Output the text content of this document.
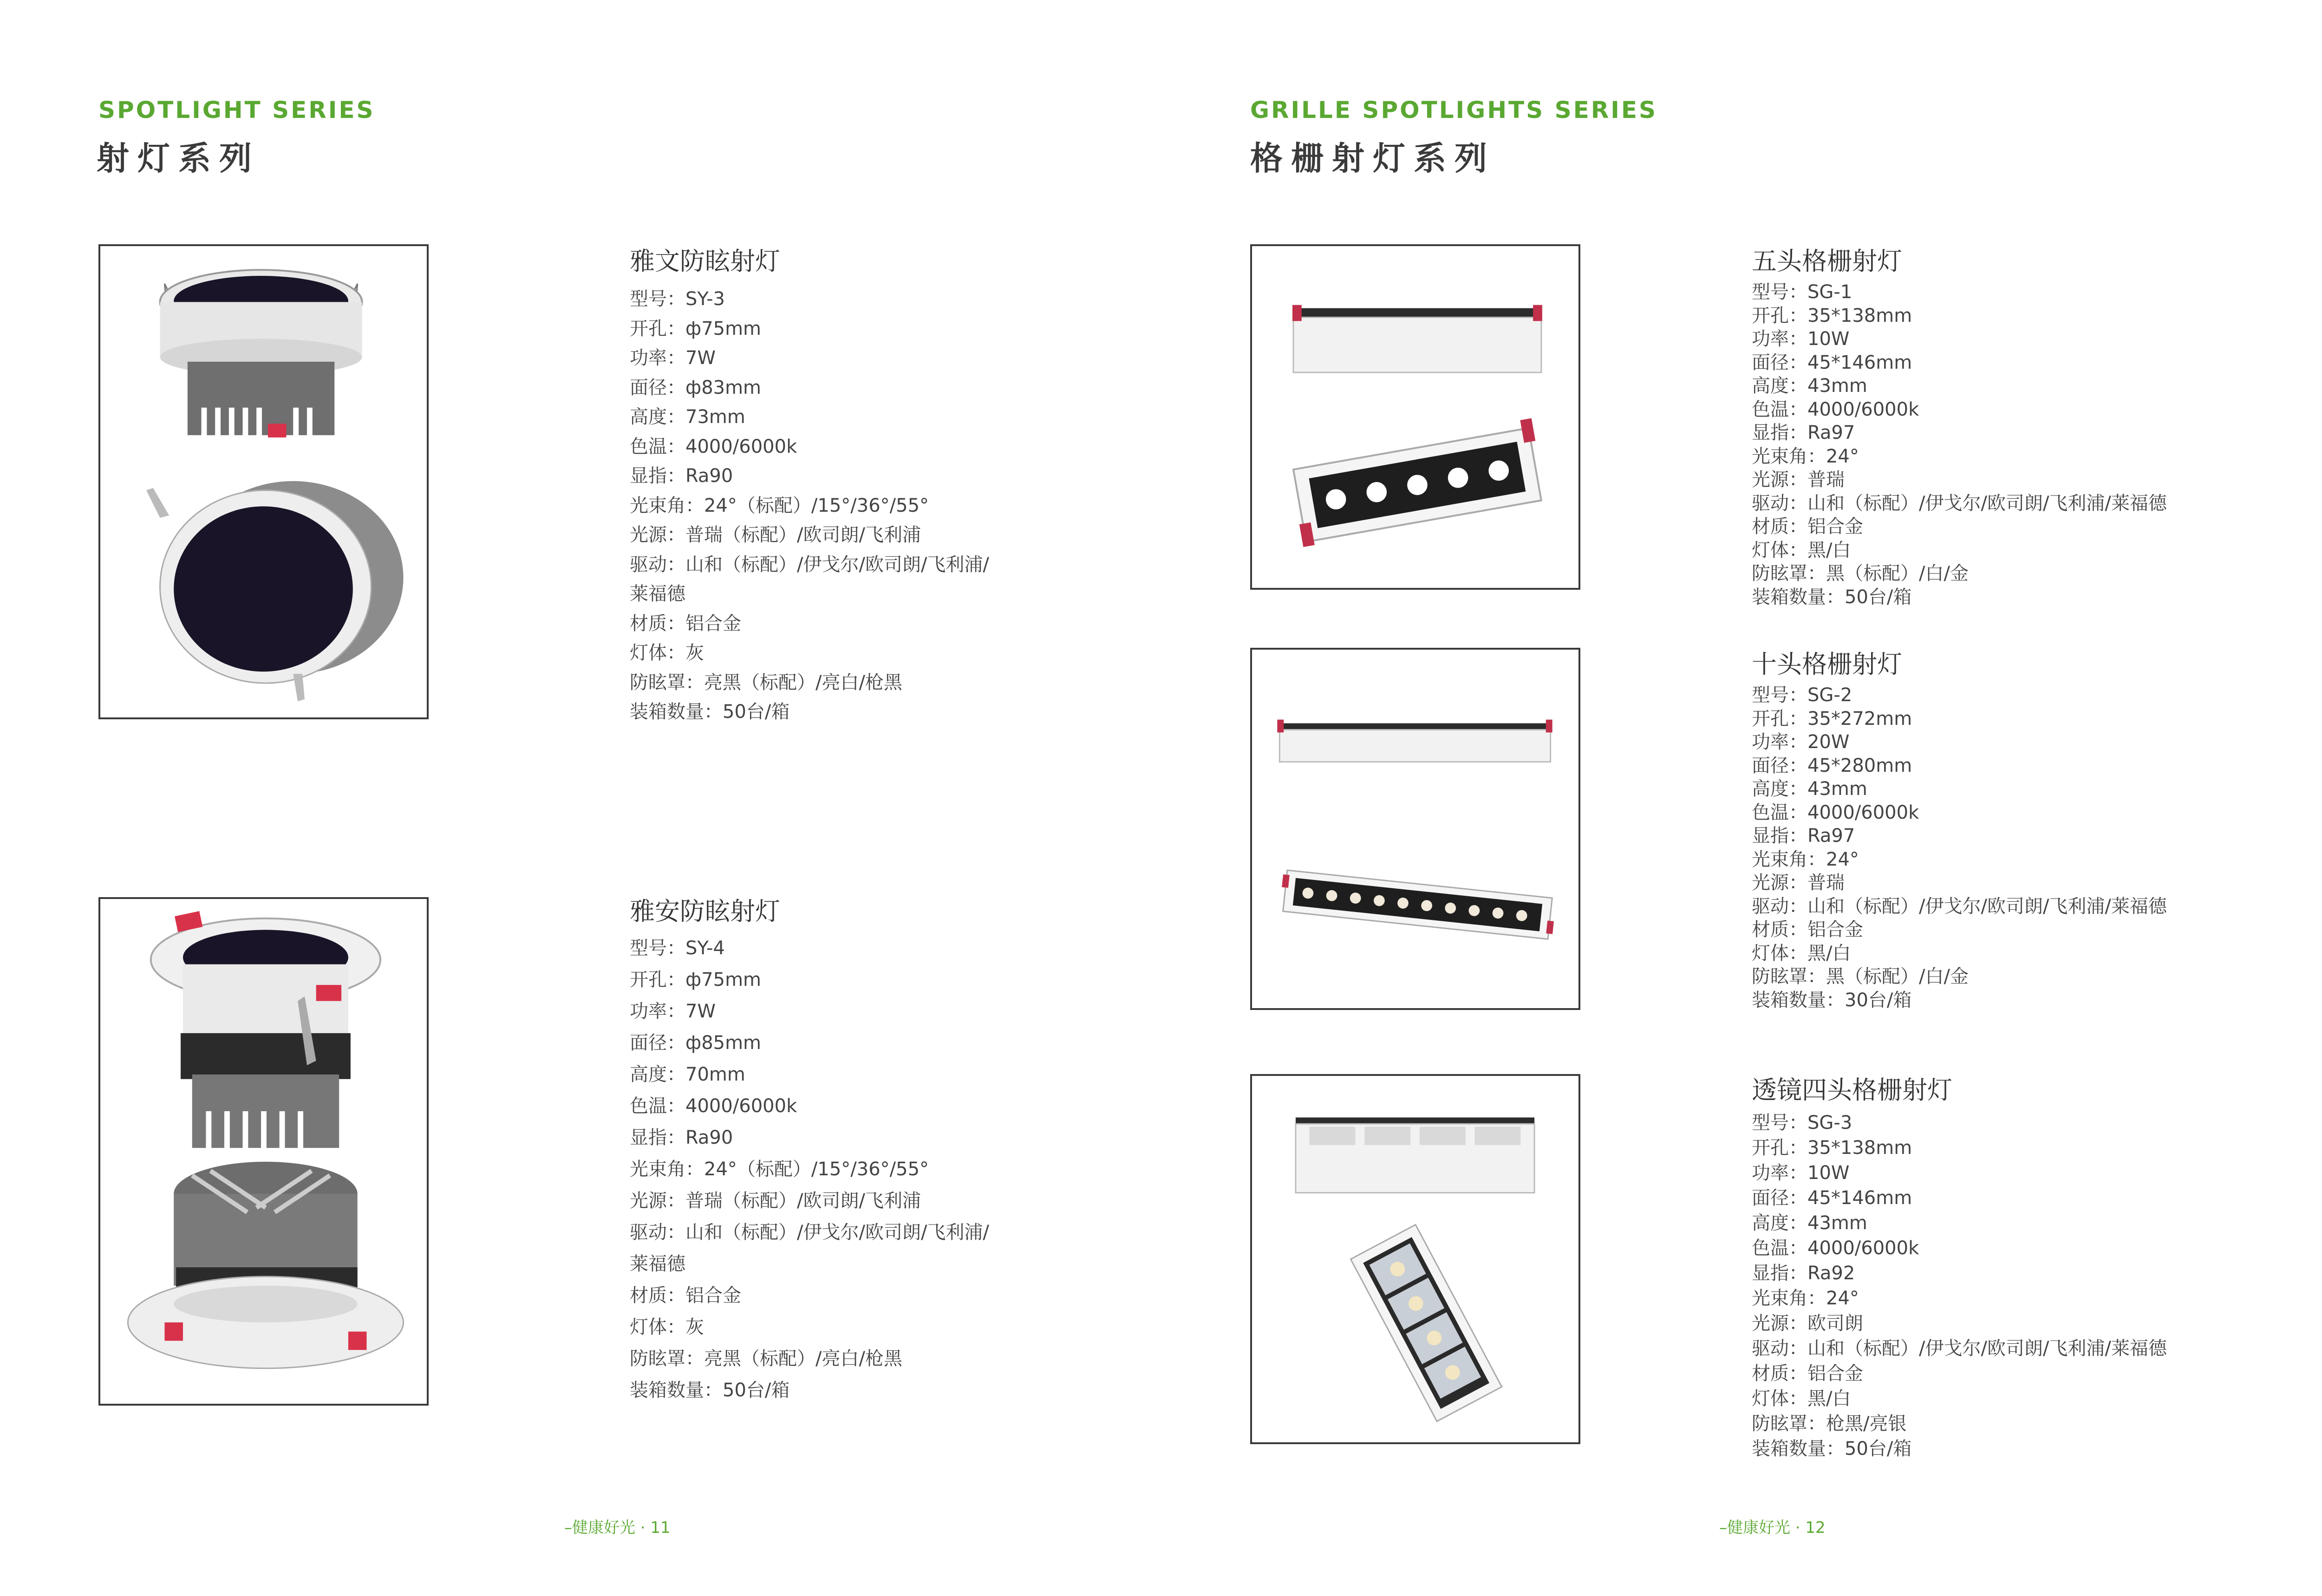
SPOTLIGHT SERIES
射灯系列
雅文防眩射灯
型号：SY-3
开孔：ф75mm
功率：7W
面径：ф83mm
高度：73mm
色温：4000/6000k
显指：Ra90
光束角：24°（标配）/15°/36°/55°
光源：普瑞（标配）/欧司朗/飞利浦
驱动：山和（标配）/伊戈尔/欧司朗/飞利浦/
莱福德
材质：铝合金
灯体：灰
防眩罩：亮黑（标配）/亮白/枪黑
装箱数量：50台/箱
雅安防眩射灯
型号：SY-4
开孔：ф75mm
功率：7W
面径：ф85mm
高度：70mm
色温：4000/6000k
显指：Ra90
光束角：24°（标配）/15°/36°/55°
光源：普瑞（标配）/欧司朗/飞利浦
驱动：山和（标配）/伊戈尔/欧司朗/飞利浦/
莱福德
材质：铝合金
灯体：灰
防眩罩：亮黑（标配）/亮白/枪黑
装箱数量：50台/箱
–健康好光 · 11
GRILLE SPOTLIGHTS SERIES
格栅射灯系列
五头格栅射灯
型号：SG-1
开孔：35*138mm
功率：10W
面径：45*146mm
高度：43mm
色温：4000/6000k
显指：Ra97
光束角：24°
光源：普瑞
驱动：山和（标配）/伊戈尔/欧司朗/飞利浦/莱福德
材质：铝合金
灯体：黑/白
防眩罩：黑（标配）/白/金
装箱数量：50台/箱
十头格栅射灯
型号：SG-2
开孔：35*272mm
功率：20W
面径：45*280mm
高度：43mm
色温：4000/6000k
显指：Ra97
光束角：24°
光源：普瑞
驱动：山和（标配）/伊戈尔/欧司朗/飞利浦/莱福德
材质：铝合金
灯体：黑/白
防眩罩：黑（标配）/白/金
装箱数量：30台/箱
透镜四头格栅射灯
型号：SG-3
开孔：35*138mm
功率：10W
面径：45*146mm
高度：43mm
色温：4000/6000k
显指：Ra92
光束角：24°
光源：欧司朗
驱动：山和（标配）/伊戈尔/欧司朗/飞利浦/莱福德
材质：铝合金
灯体：黑/白
防眩罩：枪黑/亮银
装箱数量：50台/箱
–健康好光 · 12
